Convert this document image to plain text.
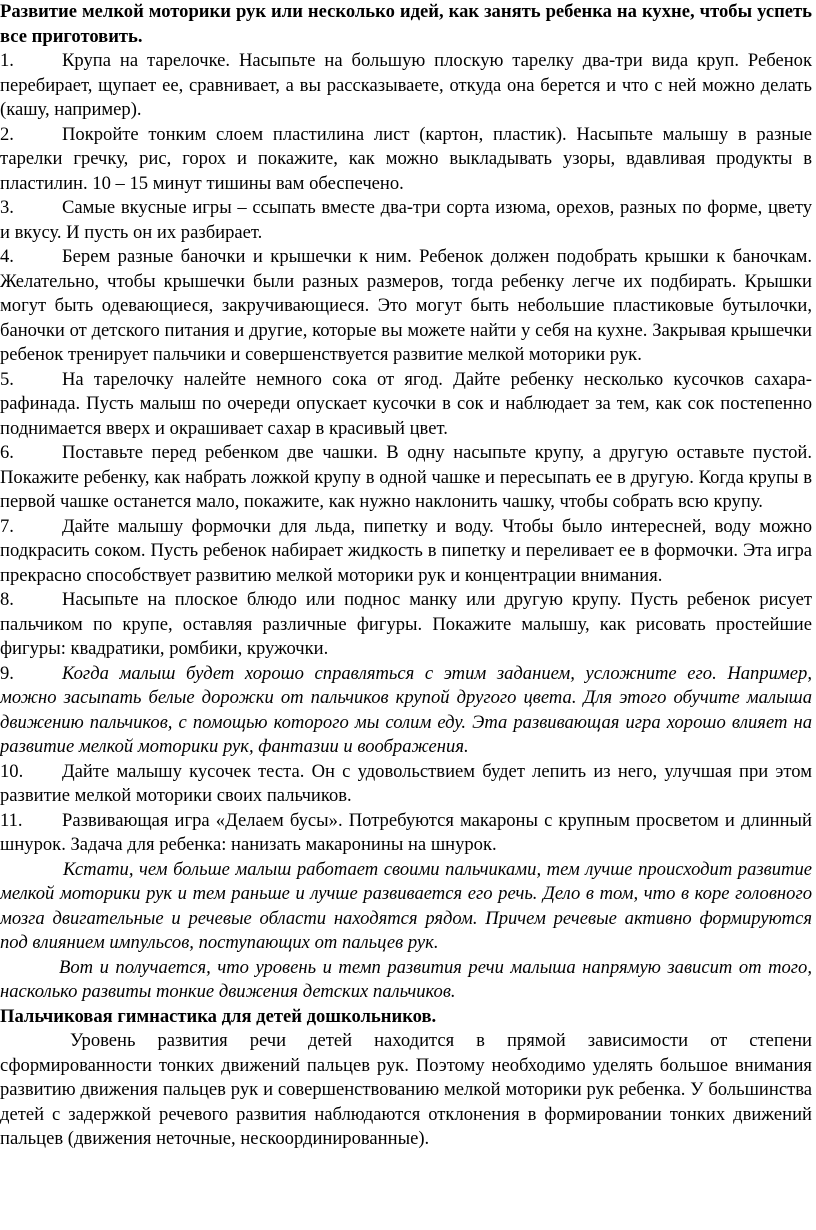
Развитие мелкой моторики рук или несколько идей, как занять ребенка на кухне, чтобы успеть все приготовить.

1.	Крупа на тарелочке. Насыпьте на большую плоскую тарелку два-три вида круп. Ребенок перебирает, щупает ее, сравнивает, а вы рассказываете, откуда она берется и что с ней можно делать (кашу, например).

2.	Покройте тонким слоем пластилина лист (картон, пластик). Насыпьте малышу в разные тарелки гречку, рис, горох и покажите, как можно выкладывать узоры, вдавливая продукты в пластилин. 10 – 15 минут тишины вам обеспечено.

3.	Самые вкусные игры – ссыпать вместе два-три сорта изюма, орехов, разных по форме, цвету и вкусу. И пусть он их разбирает.

4.	Берем разные баночки и крышечки к ним. Ребенок должен подобрать крышки к баночкам. Желательно, чтобы крышечки были разных размеров, тогда ребенку легче их подбирать. Крышки могут быть одевающиеся, закручивающиеся. Это могут быть небольшие пластиковые бутылочки, баночки от детского питания и другие, которые вы можете найти у себя на кухне. Закрывая крышечки ребенок тренирует пальчики и совершенствуется развитие мелкой моторики рук.

5.	На тарелочку налейте немного сока от ягод. Дайте ребенку несколько кусочков сахара-рафинада. Пусть малыш по очереди опускает кусочки в сок и наблюдает за тем, как сок постепенно поднимается вверх и окрашивает сахар в красивый цвет.

6.	Поставьте перед ребенком две чашки. В одну насыпьте крупу, а другую оставьте пустой. Покажите ребенку, как набрать ложкой крупу в одной чашке и пересыпать ее в другую. Когда крупы в первой чашке останется мало, покажите, как нужно наклонить чашку, чтобы собрать всю крупу.

7.	Дайте малышу формочки для льда, пипетку и воду. Чтобы было интересней, воду можно подкрасить соком. Пусть ребенок набирает жидкость в пипетку и переливает ее в формочки. Эта игра прекрасно способствует развитию мелкой моторики рук и концентрации внимания.

8.	Насыпьте на плоское блюдо или поднос манку или другую крупу. Пусть ребенок рисует пальчиком по крупе, оставляя различные фигуры. Покажите малышу, как рисовать простейшие фигуры: квадратики, ромбики, кружочки.

9.	Когда малыш будет хорошо справляться с этим заданием, усложните его. Например, можно засыпать белые дорожки от пальчиков крупой другого цвета. Для этого обучите малыша движению пальчиков, с помощью которого мы солим еду. Эта развивающая игра хорошо влияет на развитие мелкой моторики рук, фантазии и воображения.

10. Дайте малышу кусочек теста. Он с удовольствием будет лепить из него, улучшая при этом развитие мелкой моторики своих пальчиков.

11. Развивающая игра «Делаем бусы». Потребуются макароны с крупным просветом и длинный шнурок. Задача для ребенка: нанизать макаронины на шнурок.

Кстати, чем больше малыш работает своими пальчиками, тем лучше происходит развитие мелкой моторики рук и тем раньше и лучше развивается его речь. Дело в том, что в коре головного мозга двигательные и речевые области находятся рядом. Причем речевые активно формируются под влиянием импульсов, поступающих от пальцев рук.

Вот и получается, что уровень и темп развития речи малыша напрямую зависит от того, насколько развиты тонкие движения детских пальчиков.

Пальчиковая гимнастика для детей дошкольников.

Уровень развития речи детей находится в прямой зависимости от степени сформированности тонких движений пальцев рук. Поэтому необходимо уделять большое внимания развитию движения пальцев рук и совершенствованию мелкой моторики рук ребенка. У большинства детей с задержкой речевого развития наблюдаются отклонения в формировании тонких движений пальцев (движения неточные, нескоординированные).
